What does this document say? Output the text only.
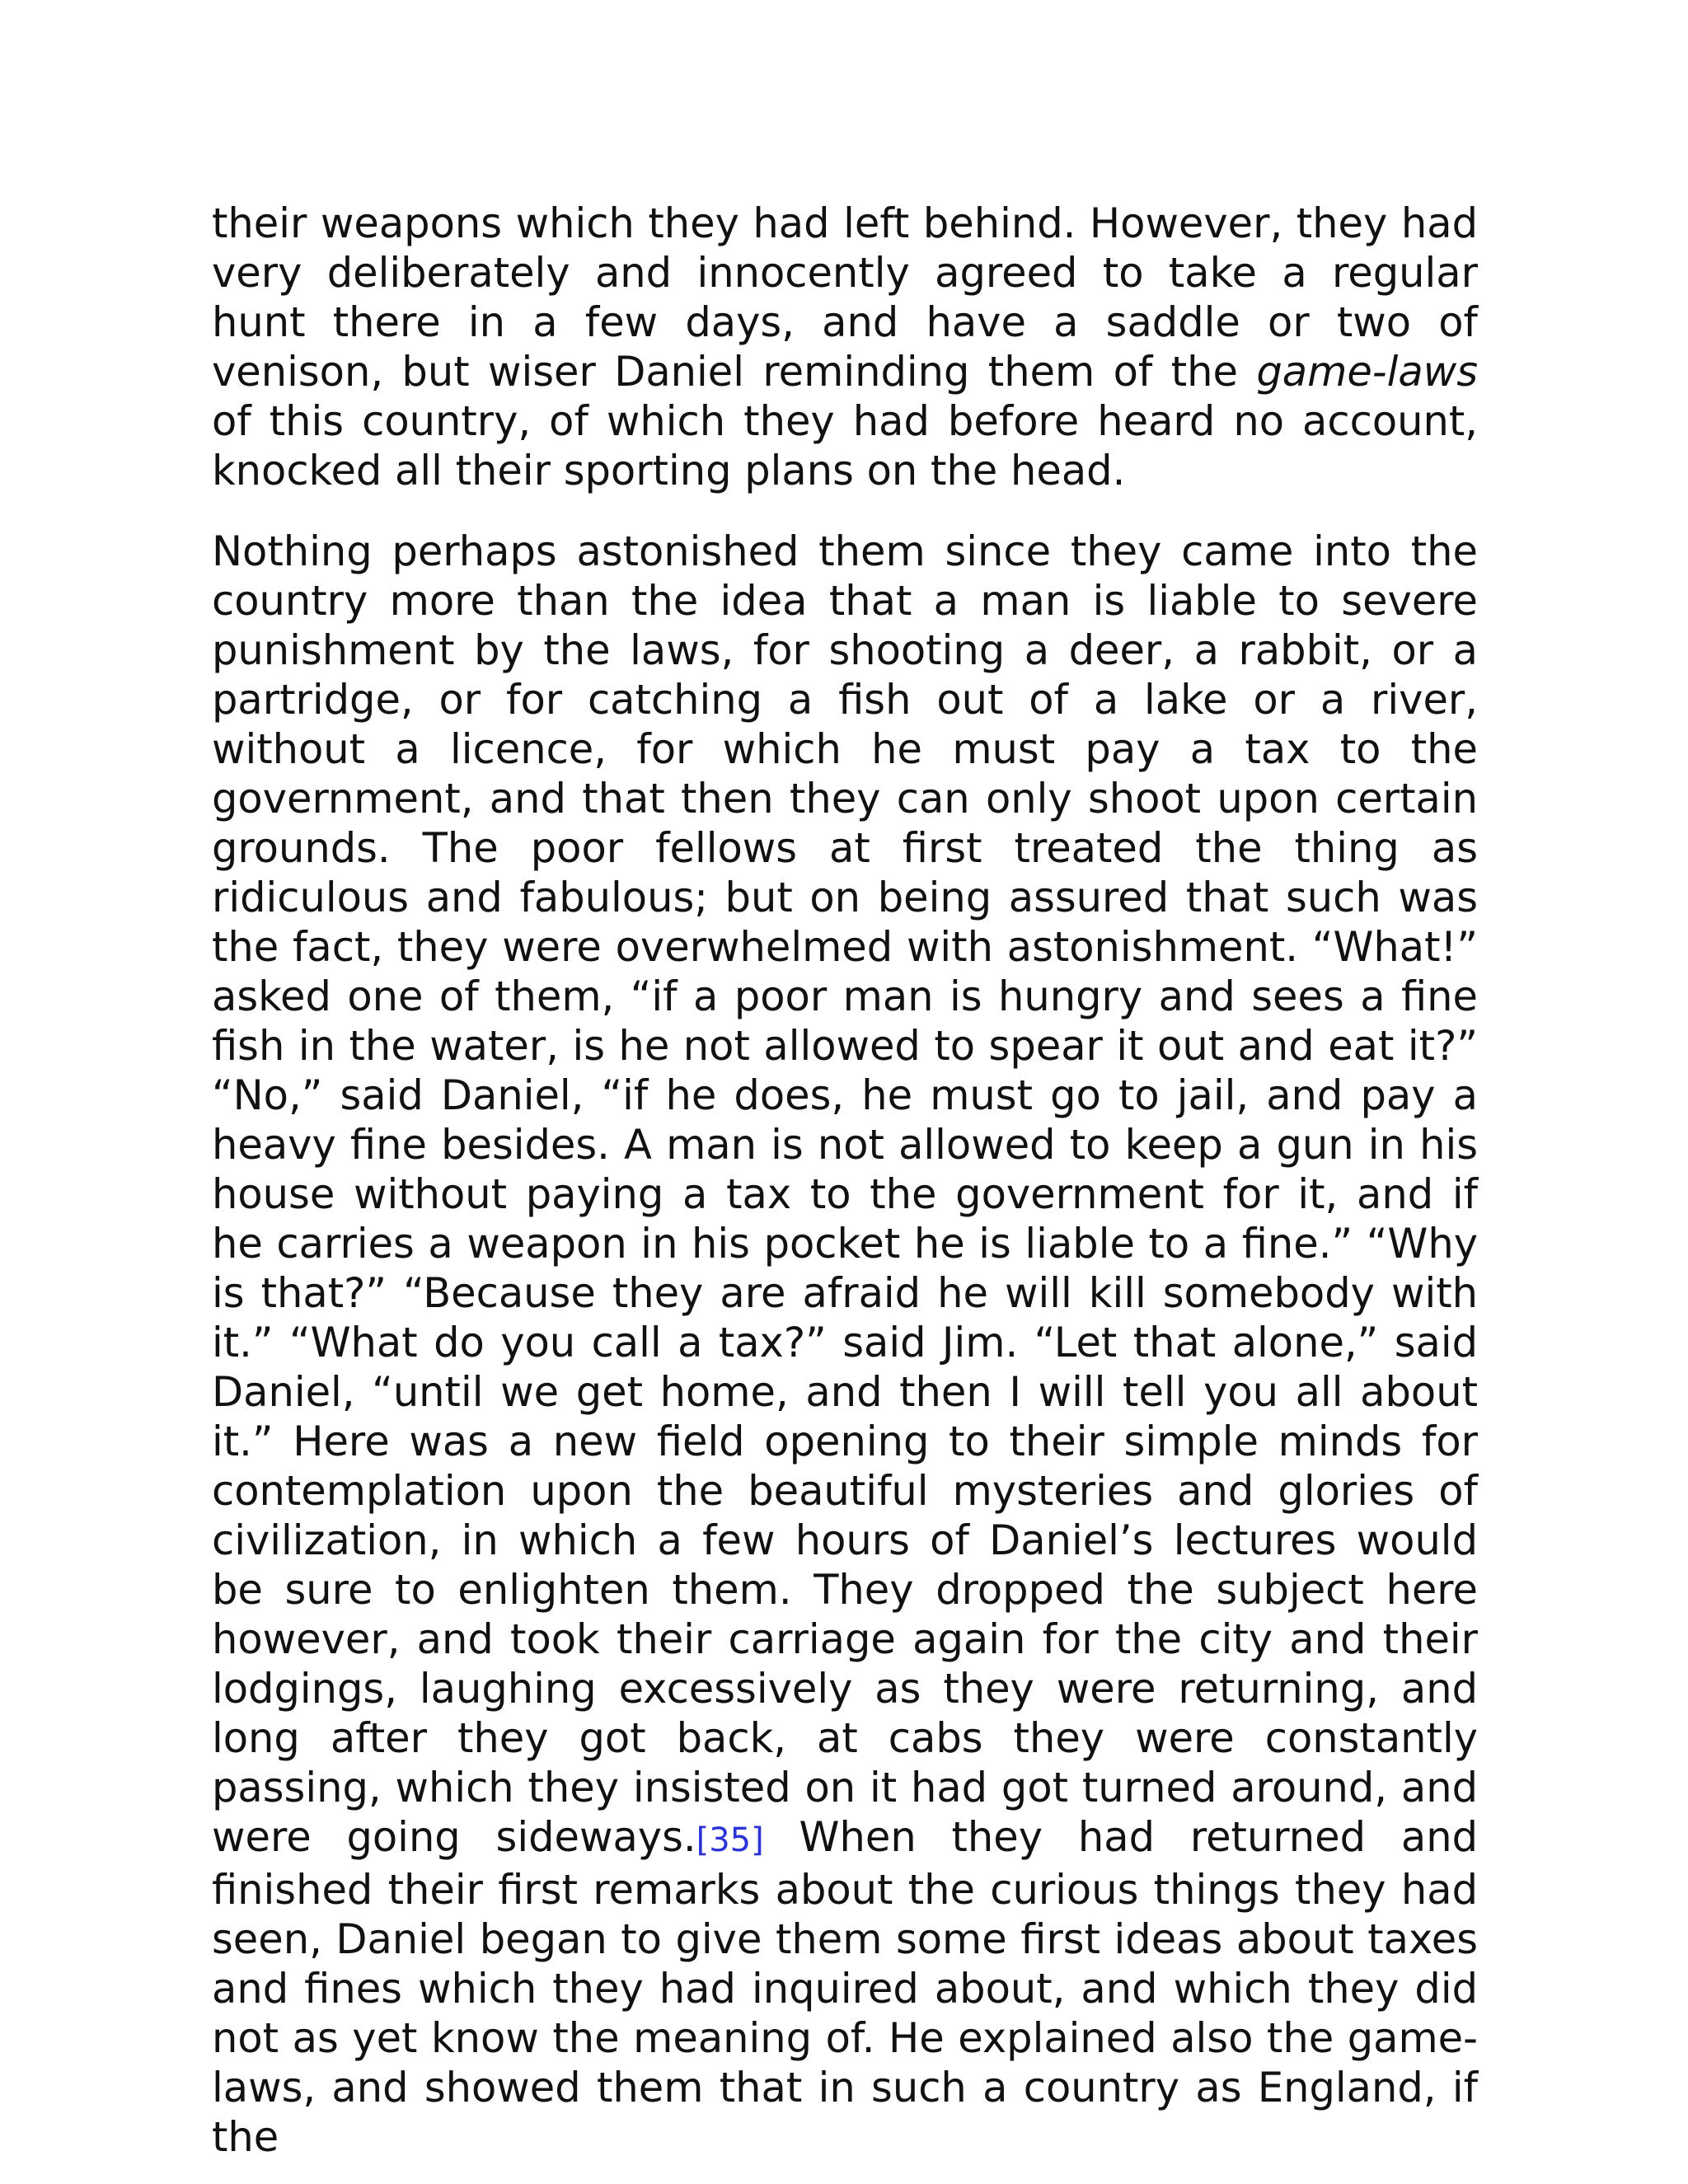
their weapons which they had left behind. However, they had very deliberately and innocently agreed to take a regular hunt there in a few days, and have a saddle or two of venison, but wiser Daniel reminding them of the game-laws of this country, of which they had before heard no account, knocked all their sporting plans on the head.

Nothing perhaps astonished them since they came into the country more than the idea that a man is liable to severe punishment by the laws, for shooting a deer, a rabbit, or a partridge, or for catching a fish out of a lake or a river, without a licence, for which he must pay a tax to the government, and that then they can only shoot upon certain grounds. The poor fellows at first treated the thing as ridiculous and fabulous; but on being assured that such was the fact, they were overwhelmed with astonishment. “What!” asked one of them, “if a poor man is hungry and sees a fine fish in the water, is he not allowed to spear it out and eat it?” “No,” said Daniel, “if he does, he must go to jail, and pay a heavy fine besides. A man is not allowed to keep a gun in his house without paying a tax to the government for it, and if he carries a weapon in his pocket he is liable to a fine.” “Why is that?” “Because they are afraid he will kill somebody with it.” “What do you call a tax?” said Jim. “Let that alone,” said Daniel, “until we get home, and then I will tell you all about it.” Here was a new field opening to their simple minds for contemplation upon the beautiful mysteries and glories of civilization, in which a few hours of Daniel’s lectures would be sure to enlighten them. They dropped the subject here however, and took their carriage again for the city and their lodgings, laughing excessively as they were returning, and long after they got back, at cabs they were constantly passing, which they insisted on it had got turned around, and were going sideways.[35] When they had returned and finished their first remarks about the curious things they had seen, Daniel began to give them some first ideas about taxes and fines which they had inquired about, and which they did not as yet know the meaning of. He explained also the game-laws, and showed them that in such a country as England, if the
